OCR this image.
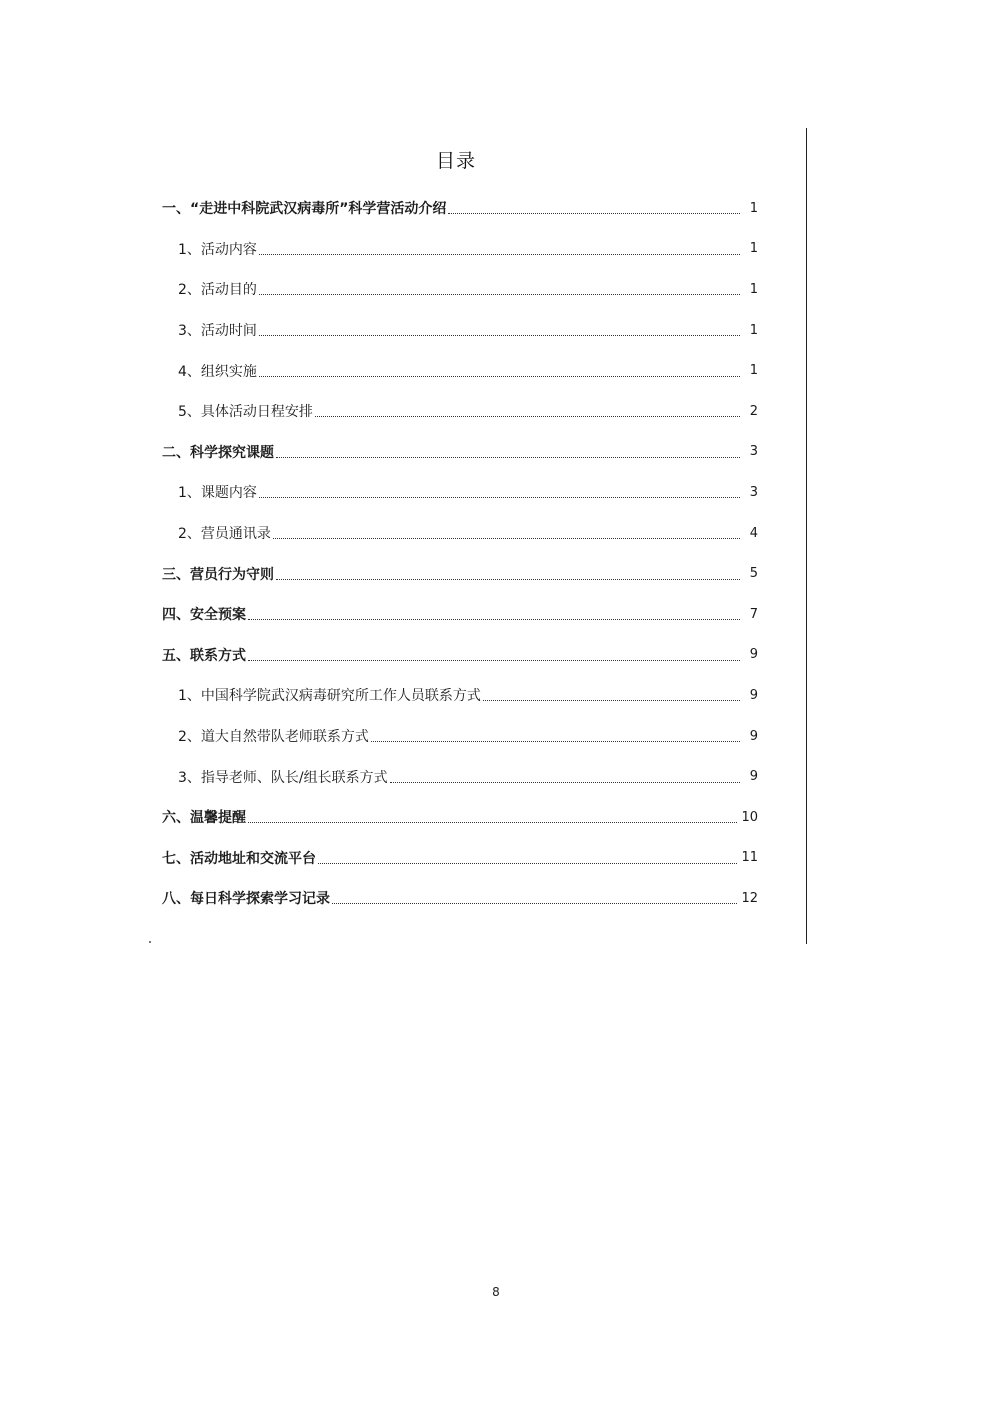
目录
一、“走进中科院武汉病毒所”科学营活动介绍	1
1、活动内容	1
2、活动目的	1
3、活动时间	1
4、组织实施	1
5、具体活动日程安排	2
二、科学探究课题	3
1、课题内容	3
2、营员通讯录	4
三、营员行为守则	5
四、安全预案	7
五、联系方式	9
1、中国科学院武汉病毒研究所工作人员联系方式	9
2、道大自然带队老师联系方式	9
3、指导老师、队长/组长联系方式	9
六、温馨提醒	10
七、活动地址和交流平台	11
八、每日科学探索学习记录	12
8
